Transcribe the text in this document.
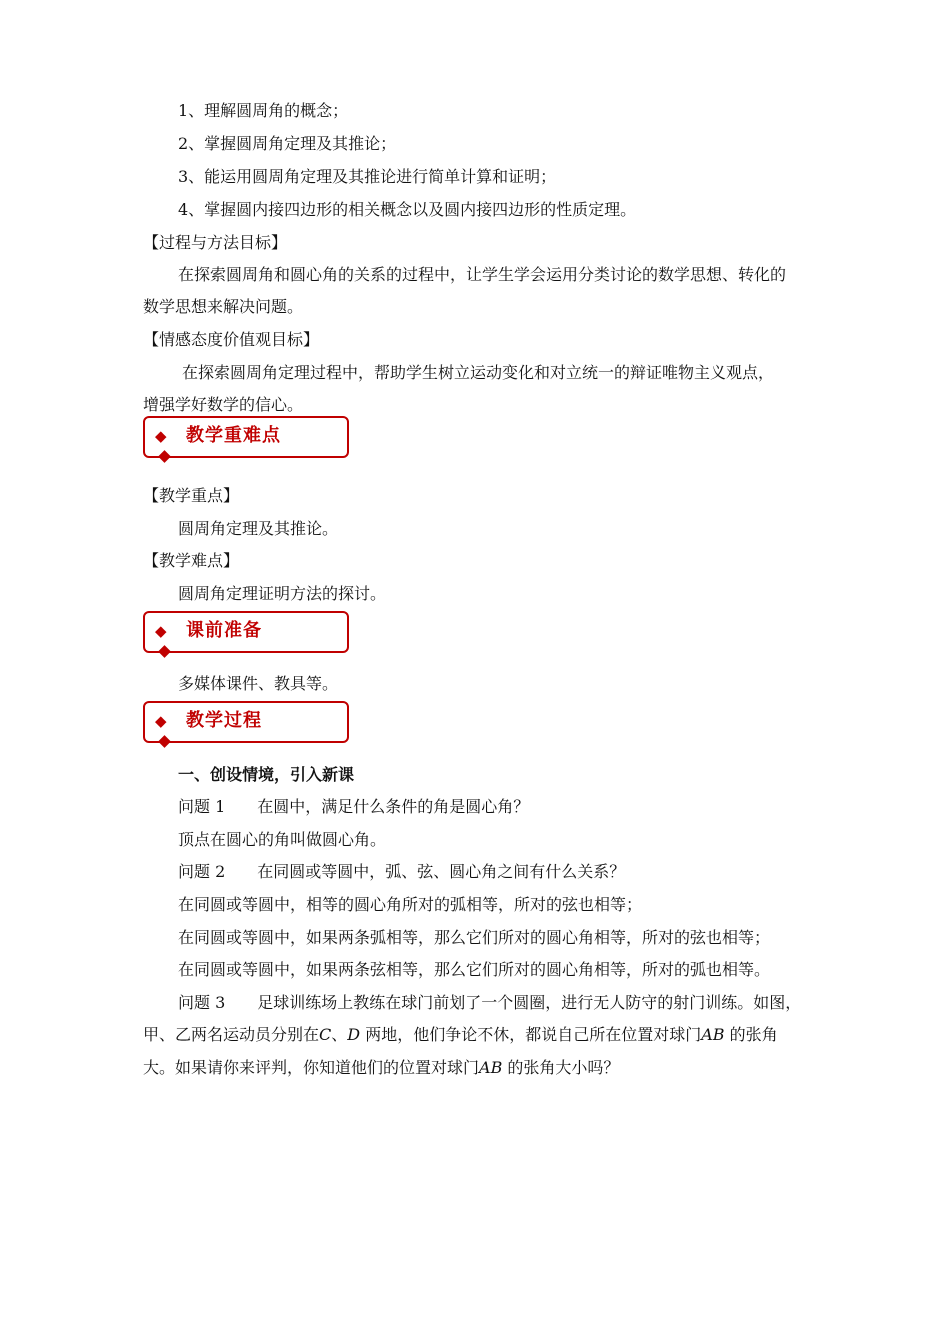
1、理解圆周角的概念；
2、掌握圆周角定理及其推论；
3、能运用圆周角定理及其推论进行简单计算和证明；
4、掌握圆内接四边形的相关概念以及圆内接四边形的性质定理。
【过程与方法目标】
在探索圆周角和圆心角的关系的过程中，让学生学会运用分类讨论的数学思想、转化的
数学思想来解决问题。
【情感态度价值观目标】
在探索圆周角定理过程中，帮助学生树立运动变化和对立统一的辩证唯物主义观点，
增强学好数学的信心。
◆ 教学重难点
【教学重点】
圆周角定理及其推论。
【教学难点】
圆周角定理证明方法的探讨。
◆ 课前准备
多媒体课件、教具等。
◆ 教学过程
一、创设情境，引入新课
问题 1　　在圆中，满足什么条件的角是圆心角？
顶点在圆心的角叫做圆心角。
问题 2　　在同圆或等圆中，弧、弦、圆心角之间有什么关系？
在同圆或等圆中，相等的圆心角所对的弧相等，所对的弦也相等；
在同圆或等圆中，如果两条弧相等，那么它们所对的圆心角相等，所对的弦也相等；
在同圆或等圆中，如果两条弦相等，那么它们所对的圆心角相等，所对的弧也相等。
问题 3　　足球训练场上教练在球门前划了一个圆圈，进行无人防守的射门训练。如图，
甲、乙两名运动员分别在C、D 两地，他们争论不休，都说自己所在位置对球门AB 的张角
大。如果请你来评判，你知道他们的位置对球门AB 的张角大小吗？
